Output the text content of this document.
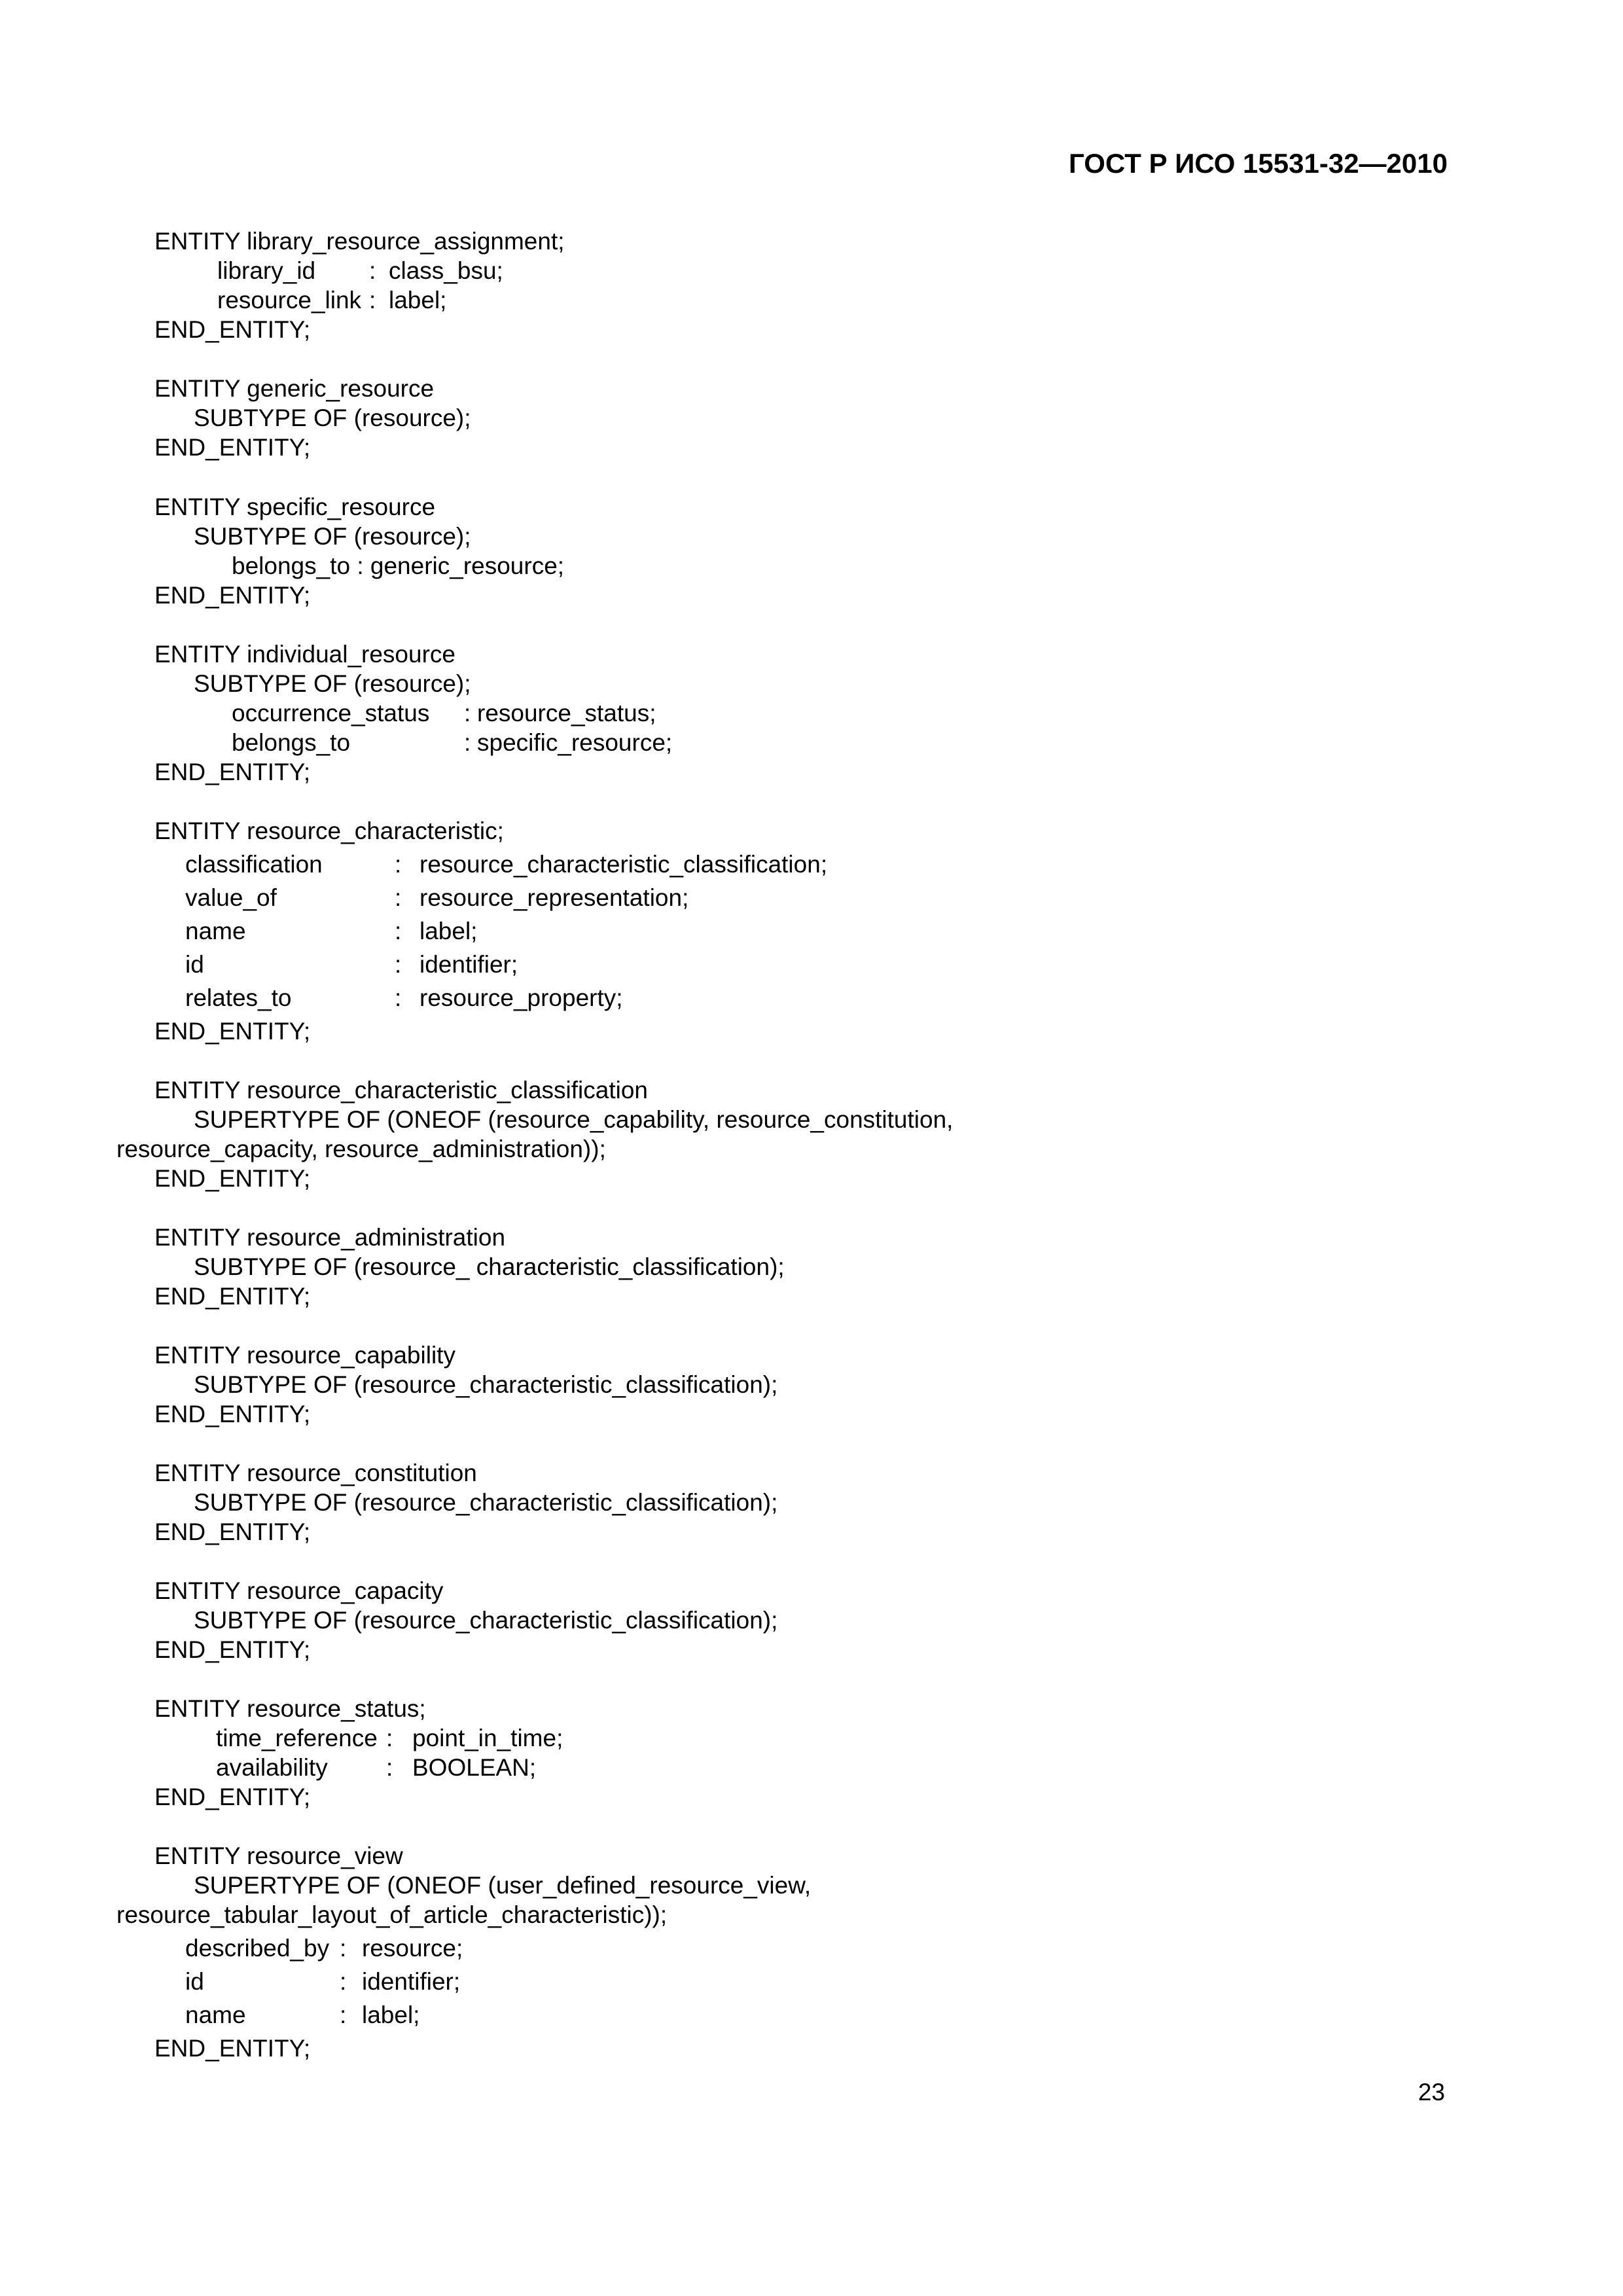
ГОСТ Р ИСО 15531-32—2010
ENTITY library_resource_assignment;
library_id : class_bsu;
resource_link : label;
END_ENTITY;
ENTITY generic_resource
SUBTYPE OF (resource);
END_ENTITY;
ENTITY specific_resource
SUBTYPE OF (resource);
belongs_to : generic_resource;
END_ENTITY;
ENTITY individual_resource
SUBTYPE OF (resource);
occurrence_status : resource_status;
belongs_to	: specific_resource;
END_ENTITY;
ENTITY resource_characteristic;
classification	: resource_characteristic_classification;
value_of	: resource_representation;
name	: label;
id	: identifier;
relates_to	: resource_property;
END_ENTITY;
ENTITY resource_characteristic_classification
SUPERTYPE OF (ONEOF (resource_capability, resource_constitution,
resource_capacity, resource_administration));
END_ENTITY;
ENTITY resource_administration
SUBTYPE OF (resource_ characteristic_classification);
END_ENTITY;
ENTITY resource_capability
SUBTYPE OF (resource_characteristic_classification);
END_ENTITY;
ENTITY resource_constitution
SUBTYPE OF (resource_characteristic_classification);
END_ENTITY;
ENTITY resource_capacity
SUBTYPE OF (resource_characteristic_classification);
END_ENTITY;
ENTITY resource_status;
time_reference : point_in_time;
availability : BOOLEAN;
END_ENTITY;
ENTITY resource_view
SUPERTYPE OF (ONEOF (user_defined_resource_view,
resource_tabular_layout_of_article_characteristic));
described_by : resource;
id	: identifier;
name	: label;
END_ENTITY;
23
